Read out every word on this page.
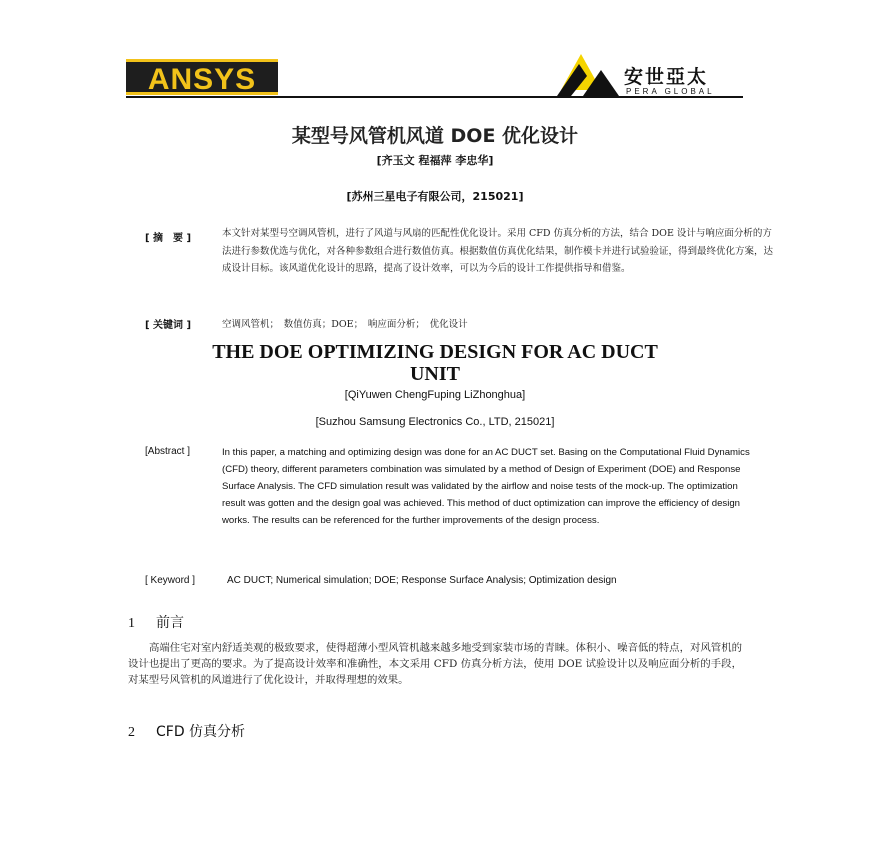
ANSYS	安世亞太
PERA GLOBAL
某型号风管机风道 DOE 优化设计
[齐玉文 程福萍 李忠华]
[苏州三星电子有限公司，215021]
[ 摘　要 ]	本文针对某型号空调风管机，进行了风道与风扇的匹配性优化设计。采用 CFD 仿真分析的方法，结合 DOE 设计与响应面分析的方法进行参数优选与优化，对各种参数组合进行数值仿真。根据数值仿真优化结果，制作模卡并进行试验验证，得到最终优化方案，达成设计目标。该风道优化设计的思路，提高了设计效率，可以为今后的设计工作提供指导和借鉴。
[ 关键词 ]	空调风管机；　数值仿真；DOE；　响应面分析；　优化设计
THE DOE OPTIMIZING DESIGN FOR AC DUCT UNIT
[QiYuwen ChengFuping LiZhonghua]
[Suzhou Samsung Electronics Co., LTD, 215021]
[Abstract ]	In this paper, a matching and optimizing design was done for an AC DUCT set. Basing on the Computational Fluid Dynamics (CFD) theory, different parameters combination was simulated by a method of Design of Experiment (DOE) and Response Surface Analysis. The CFD simulation result was validated by the airflow and noise tests of the mock-up. The optimization result was gotten and the design goal was achieved. This method of duct optimization can improve the efficiency of design works. The results can be referenced for the further improvements of the design process.
[ Keyword ]	AC DUCT; Numerical simulation; DOE; Response Surface Analysis; Optimization design
1 前言
高端住宅对室内舒适美观的极致要求，使得超薄小型风管机越来越多地受到家装市场的青睐。体积小、噪音低的特点，对风管机的设计也提出了更高的要求。为了提高设计效率和准确性，本文采用 CFD 仿真分析方法，使用 DOE 试验设计以及响应面分析的手段，对某型号风管机的风道进行了优化设计，并取得理想的效果。
2 CFD 仿真分析
